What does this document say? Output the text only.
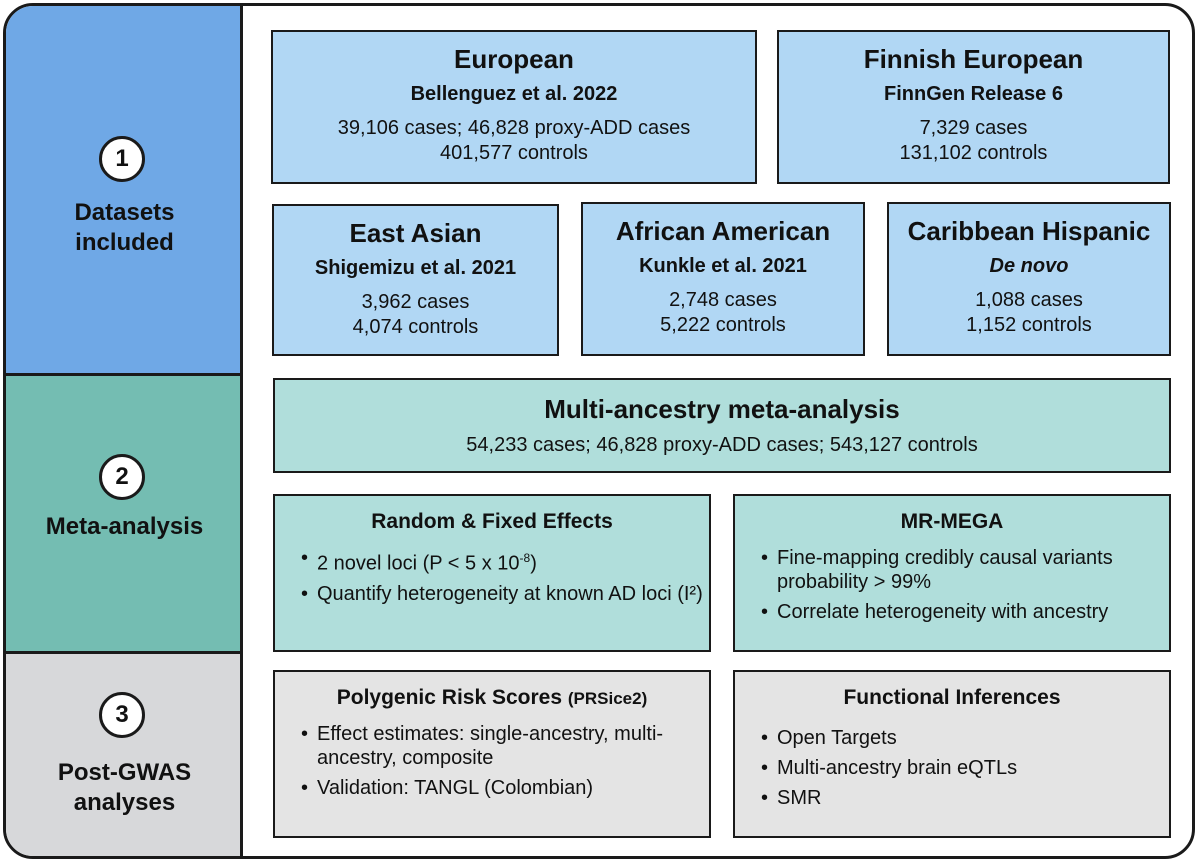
1
Datasets
included
2
Meta-analysis
3
Post-GWAS
analyses
European
Bellenguez et al. 2022
39,106 cases; 46,828 proxy-ADD cases
401,577 controls
Finnish European
FinnGen Release 6
7,329 cases
131,102 controls
East Asian
Shigemizu et al. 2021
3,962 cases
4,074 controls
African American
Kunkle et al. 2021
2,748 cases
5,222 controls
Caribbean Hispanic
De novo
1,088 cases
1,152 controls
Multi-ancestry meta-analysis
54,233 cases; 46,828 proxy-ADD cases; 543,127 controls
Random & Fixed Effects
• 2 novel loci (P < 5 x $10^{-8}$)
• Quantify heterogeneity at known AD loci (I²)
MR-MEGA
• Fine-mapping credibly causal variants probability > 99%
• Correlate heterogeneity with ancestry
Polygenic Risk Scores (PRSice2)
• Effect estimates: single-ancestry, multi-ancestry, composite
• Validation: TANGL (Colombian)
Functional Inferences
• Open Targets
• Multi-ancestry brain eQTLs
• SMR
